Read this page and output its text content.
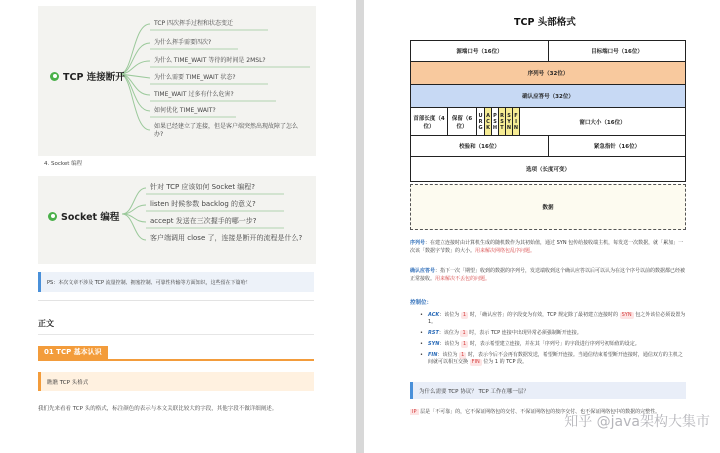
TCP 连接断开
TCP 四次挥手过程和状态变迁
为什么挥手需要四次?
为什么 TIME_WAIT 等待的时间是 2MSL?
为什么需要 TIME_WAIT 状态?
TIME_WAIT 过多有什么危害?
如何优化 TIME_WAIT?
如果已经建立了连接，但是客户端突然出现故障了怎么办?
4. Socket 编程
Socket 编程
针对 TCP 应该如何 Socket 编程?
listen 时候参数 backlog 的意义?
accept 发送在三次握手的哪一步?
客户端调用 close 了，连接是断开的流程是什么?
PS：本次文章不涉及 TCP 流量控制、拥塞控制、可靠性传输等方面知识，这些留在下篇哈！
正文
01 TCP 基本认识
瞧瞧 TCP 头格式
我们先来看看 TCP 头的格式，标注颜色的表示与本文关联比较大的字段，其他字段不做详细阐述。
TCP 头部格式
源端口号（16位）	目标端口号（16位）
序列号（32位）
确认应答号（32位）
首部长度（4位）
保留（6位）
U
R
G
A
C
K
P
S
H
R
S
T
S
Y
N
F
I
N
窗口大小（16位）
校验和（16位）	紧急指针（16位）
选项（长度可变）
数据
序列号：在建立连接时由计算机生成的随机数作为其初始值，通过 SYN 包传给接收端主机，每发送一次数据，就「累加」一次该「数据字节数」的大小。用来解决网络包乱序问题。
确认应答号：指下一次「期望」收到的数据的序列号，发送端收到这个确认应答以后可以认为在这个序号以前的数据都已经被正常接收。用来解决不丢包的问题。
控制位：
• ACK：该位为 1 时，「确认应答」的字段变为有效，TCP 规定除了最初建立连接时的 SYN 包之外该位必须设置为 1。
• RST：该位为 1 时，表示 TCP 连接中出现异常必须强制断开连接。
• SYN：该位为 1 时，表示希望建立连接，并在其「序列号」的字段进行序列号初始值的设定。
• FIN：该位为 1 时，表示今后不会再有数据发送，希望断开连接。当通信结束希望断开连接时，通信双方的主机之间就可以相互交换 FIN 位为 1 的 TCP 段。
为什么需要 TCP 协议？ TCP 工作在哪一层？
IP 层是「不可靠」的，它不保证网络包的交付、不保证网络包的按序交付、也不保证网络包中的数据的完整性。
知乎 @java架构大集市
